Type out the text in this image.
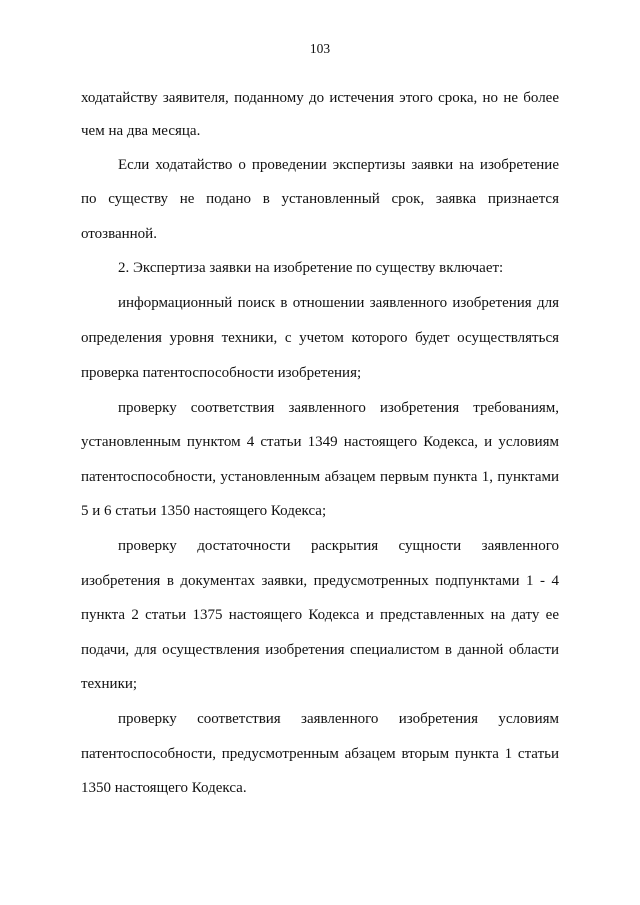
103
ходатайству заявителя, поданному до истечения этого срока, но не более
чем на два месяца.
Если ходатайство о проведении экспертизы заявки на изобретение
по существу не подано в установленный срок, заявка признается
отозванной.
2. Экспертиза заявки на изобретение по существу включает:
информационный поиск в отношении заявленного изобретения для
определения уровня техники, с учетом которого будет осуществляться
проверка патентоспособности изобретения;
проверку соответствия заявленного изобретения требованиям,
установленным пунктом 4 статьи 1349 настоящего Кодекса, и условиям
патентоспособности, установленным абзацем первым пункта 1, пунктами
5 и 6 статьи 1350 настоящего Кодекса;
проверку достаточности раскрытия сущности заявленного
изобретения в документах заявки, предусмотренных подпунктами 1 - 4
пункта 2 статьи 1375 настоящего Кодекса и представленных на дату ее
подачи, для осуществления изобретения специалистом в данной области
техники;
проверку соответствия заявленного изобретения условиям
патентоспособности, предусмотренным абзацем вторым пункта 1 статьи
1350 настоящего Кодекса.
